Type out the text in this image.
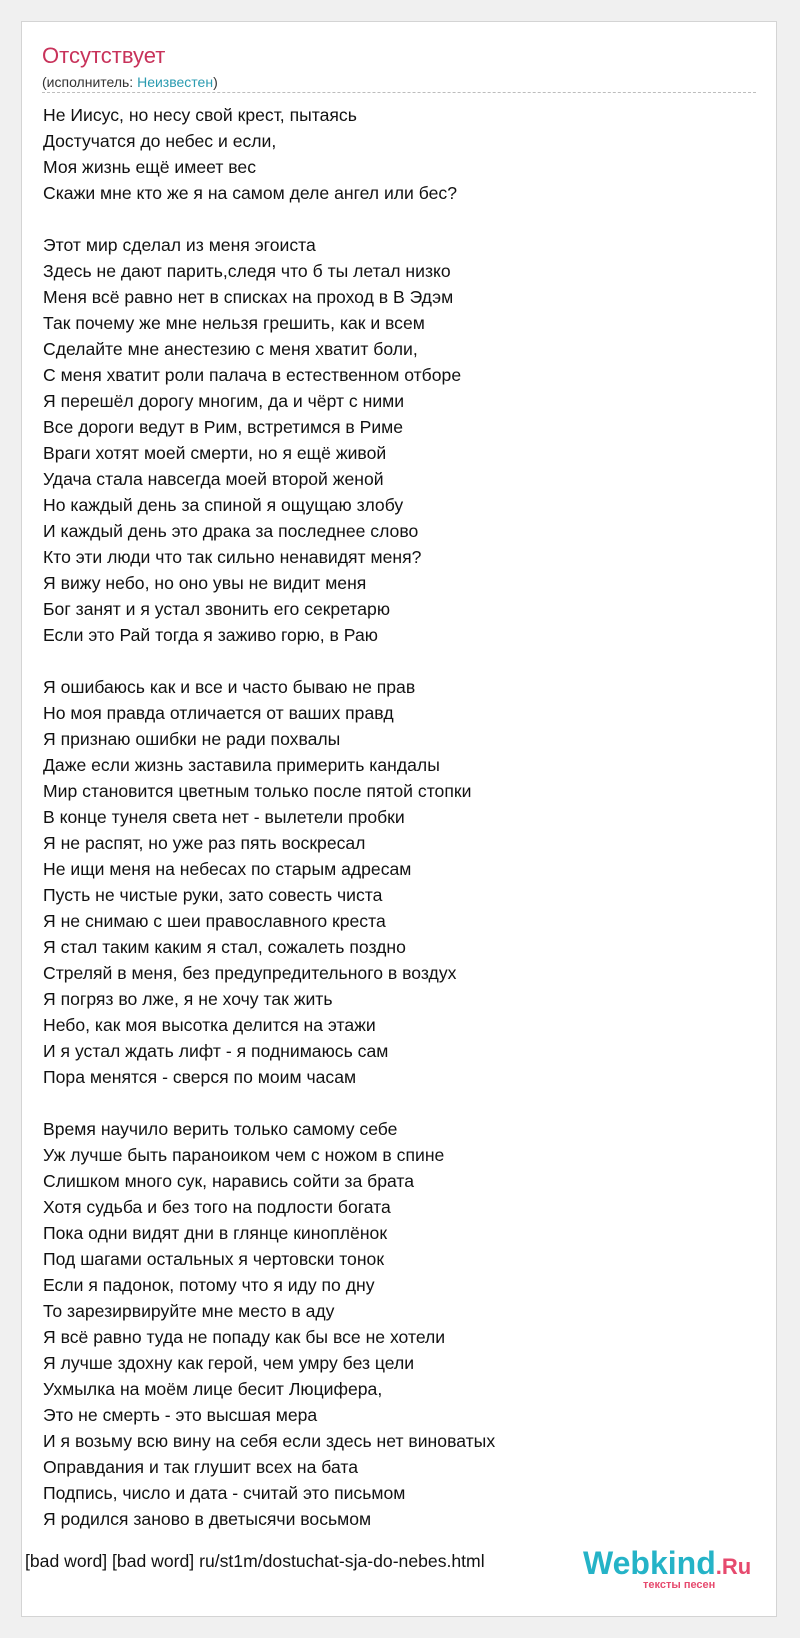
Отсутствует
(исполнитель: Неизвестен)
Не Иисус, но несу свой крест, пытаясь
Достучатся до небес и если,
Моя жизнь ещё имеет вес
Скажи мне кто же я на самом деле ангел или бес?
Этот мир сделал из меня эгоиста
Здесь не дают парить,следя что б ты летал низко
Меня всё равно нет в списках на проход в В Эдэм
Так почему же мне нельзя грешить, как и всем
Сделайте мне анестезию с меня хватит боли,
С меня хватит роли палача в естественном отборе
Я перешёл дорогу многим, да и чёрт с ними
Все дороги ведут в Рим, встретимся в Риме
Враги хотят моей смерти, но я ещё живой
Удача стала навсегда моей второй женой
Но каждый день за спиной я ощущаю злобу
И каждый день это драка за последнее слово
Кто эти люди что так сильно ненавидят меня?
Я вижу небо, но оно увы не видит меня
Бог занят и я устал звонить его секретарю
Если это Рай тогда я заживо горю, в Раю
Я ошибаюсь как и все и часто бываю не прав
Но моя правда отличается от ваших правд
Я признаю ошибки не ради похвалы
Даже если жизнь заставила примерить кандалы
Мир становится цветным только после пятой стопки
В конце тунеля света нет - вылетели пробки
Я не распят, но уже раз пять воскресал
Не ищи меня на небесах по старым адресам
Пусть не чистые руки, зато совесть чиста
Я не снимаю с шеи православного креста
Я стал таким каким я стал, сожалеть поздно
Стреляй в меня, без предупредительного в воздух
Я погряз во лже, я не хочу так жить
Небо, как моя высотка делится на этажи
И я устал ждать лифт - я поднимаюсь сам
Пора менятся - сверся по моим часам
Время научило верить только самому себе
Уж лучше быть параноиком чем с ножом в спине
Слишком много сук, наравись сойти за брата
Хотя судьба и без того на подлости богата
Пока одни видят дни в глянце киноплёнок
Под шагами остальных я чертовски тонок
Если я падонок, потому что я иду по дну
То зарезирвируйте мне место в аду
Я всё равно туда не попаду как бы все не хотели
Я лучше здохну как герой, чем умру без цели
Ухмылка на моём лице бесит Люцифера,
Это не смерть - это высшая мера
И я возьму всю вину на себя если здесь нет виноватых
Оправдания и так глушит всех на бата
Подпись, число и дата - считай это письмом
Я родился заново в дветысячи восьмом
[bad word] [bad word] ru/st1m/dostuchat-sja-do-nebes.html	Webkind.Ru
тексты песен
